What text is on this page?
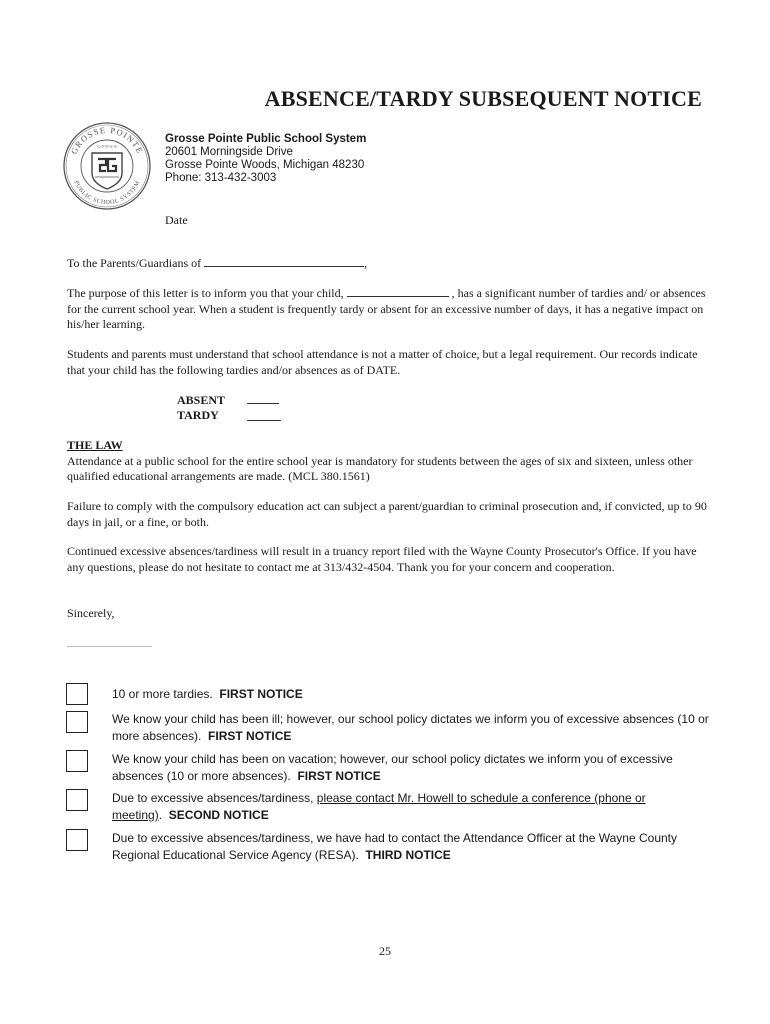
ABSENCE/TARDY SUBSEQUENT NOTICE
GROSSE POINTE
PUBLIC SCHOOL SYSTEM
G·P·P·S·S
Grosse Pointe Public School System
20601 Morningside Drive
Grosse Pointe Woods, Michigan 48230
Phone: 313-432-3003
Date
To the Parents/Guardians of	,
The purpose of this letter is to inform you that your child,	, has a significant number of tardies and/ or absences for the current school year. When a student is frequently tardy or absent for an excessive number of days, it has a negative impact on his/her learning.
Students and parents must understand that school attendance is not a matter of choice, but a legal requirement. Our records indicate that your child has the following tardies and/or absences as of DATE.
ABSENT
TARDY
THE LAW
Attendance at a public school for the entire school year is mandatory for students between the ages of six and sixteen, unless other qualified educational arrangements are made. (MCL 380.1561)
Failure to comply with the compulsory education act can subject a parent/guardian to criminal prosecution and, if convicted, up to 90 days in jail, or a fine, or both.
Continued excessive absences/tardiness will result in a truancy report filed with the Wayne County Prosecutor's Office. If you have any questions, please do not hesitate to contact me at 313/432-4504. Thank you for your concern and cooperation.
Sincerely,
10 or more tardies. FIRST NOTICE
We know your child has been ill; however, our school policy dictates we inform you of excessive absences (10 or more absences). FIRST NOTICE
We know your child has been on vacation; however, our school policy dictates we inform you of excessive absences (10 or more absences). FIRST NOTICE
Due to excessive absences/tardiness, please contact Mr. Howell to schedule a conference (phone or meeting). SECOND NOTICE
Due to excessive absences/tardiness, we have had to contact the Attendance Officer at the Wayne County Regional Educational Service Agency (RESA). THIRD NOTICE
25
